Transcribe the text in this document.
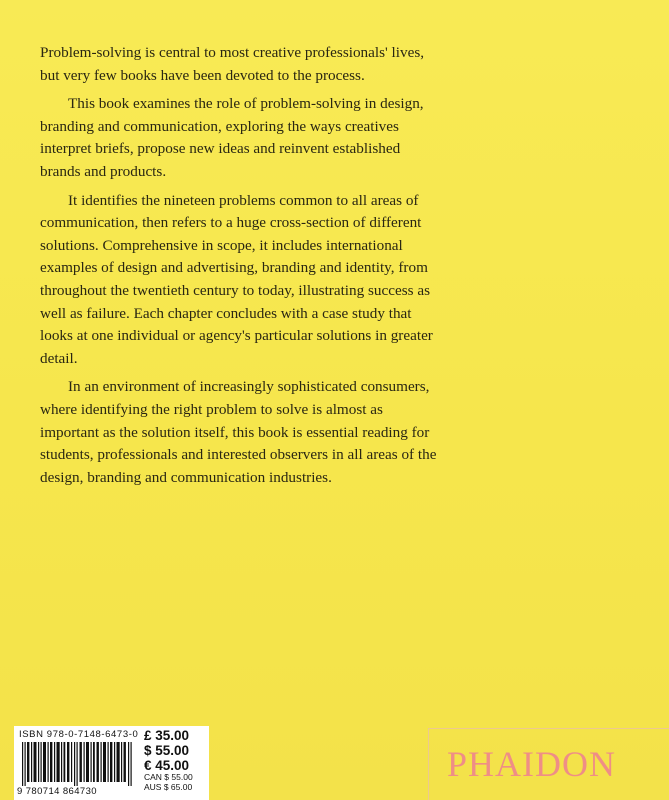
Problem-solving is central to most creative professionals' lives, but very few books have been devoted to the process.

This book examines the role of problem-solving in design, branding and communication, exploring the ways creatives interpret briefs, propose new ideas and reinvent established brands and products.

It identifies the nineteen problems common to all areas of communication, then refers to a huge cross-section of different solutions. Comprehensive in scope, it includes international examples of design and advertising, branding and identity, from throughout the twentieth century to today, illustrating success as well as failure. Each chapter concludes with a case study that looks at one individual or agency's particular solutions in greater detail.

In an environment of increasingly sophisticated consumers, where identifying the right problem to solve is almost as important as the solution itself, this book is essential reading for students, professionals and interested observers in all areas of the design, branding and communication industries.

ISBN 978-0-7148-6473-0
9 780714 864730
£ 35.00
$ 55.00
€ 45.00
CAN $ 55.00
AUS $ 65.00
PHAIDON
